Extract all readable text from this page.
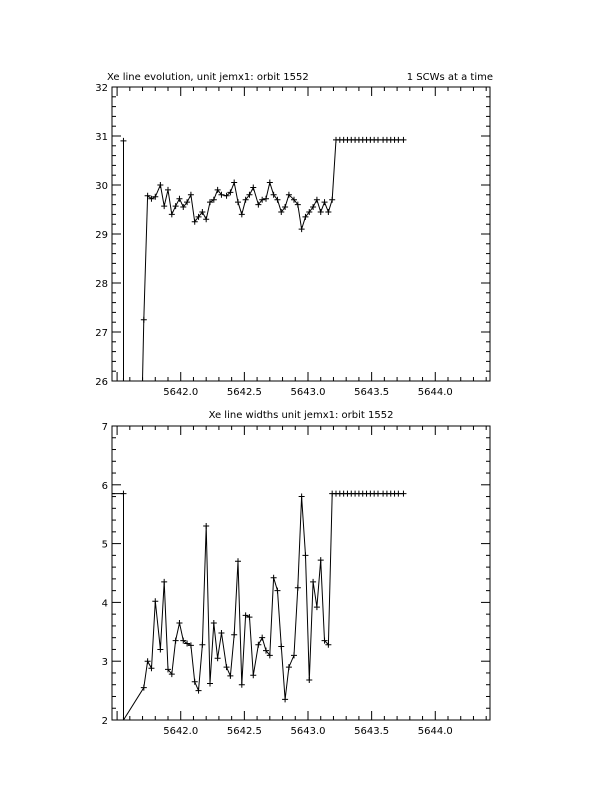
Xe line evolution, unit jemx1: orbit 1552	1 SCWs at a time
5642.0	5642.5	5643.0	5643.5	5644.0
26
27
28
29
30
31
32
Xe line widths unit jemx1: orbit 1552
5642.0	5642.5	5643.0	5643.5	5644.0
2
3
4
5
6
7
